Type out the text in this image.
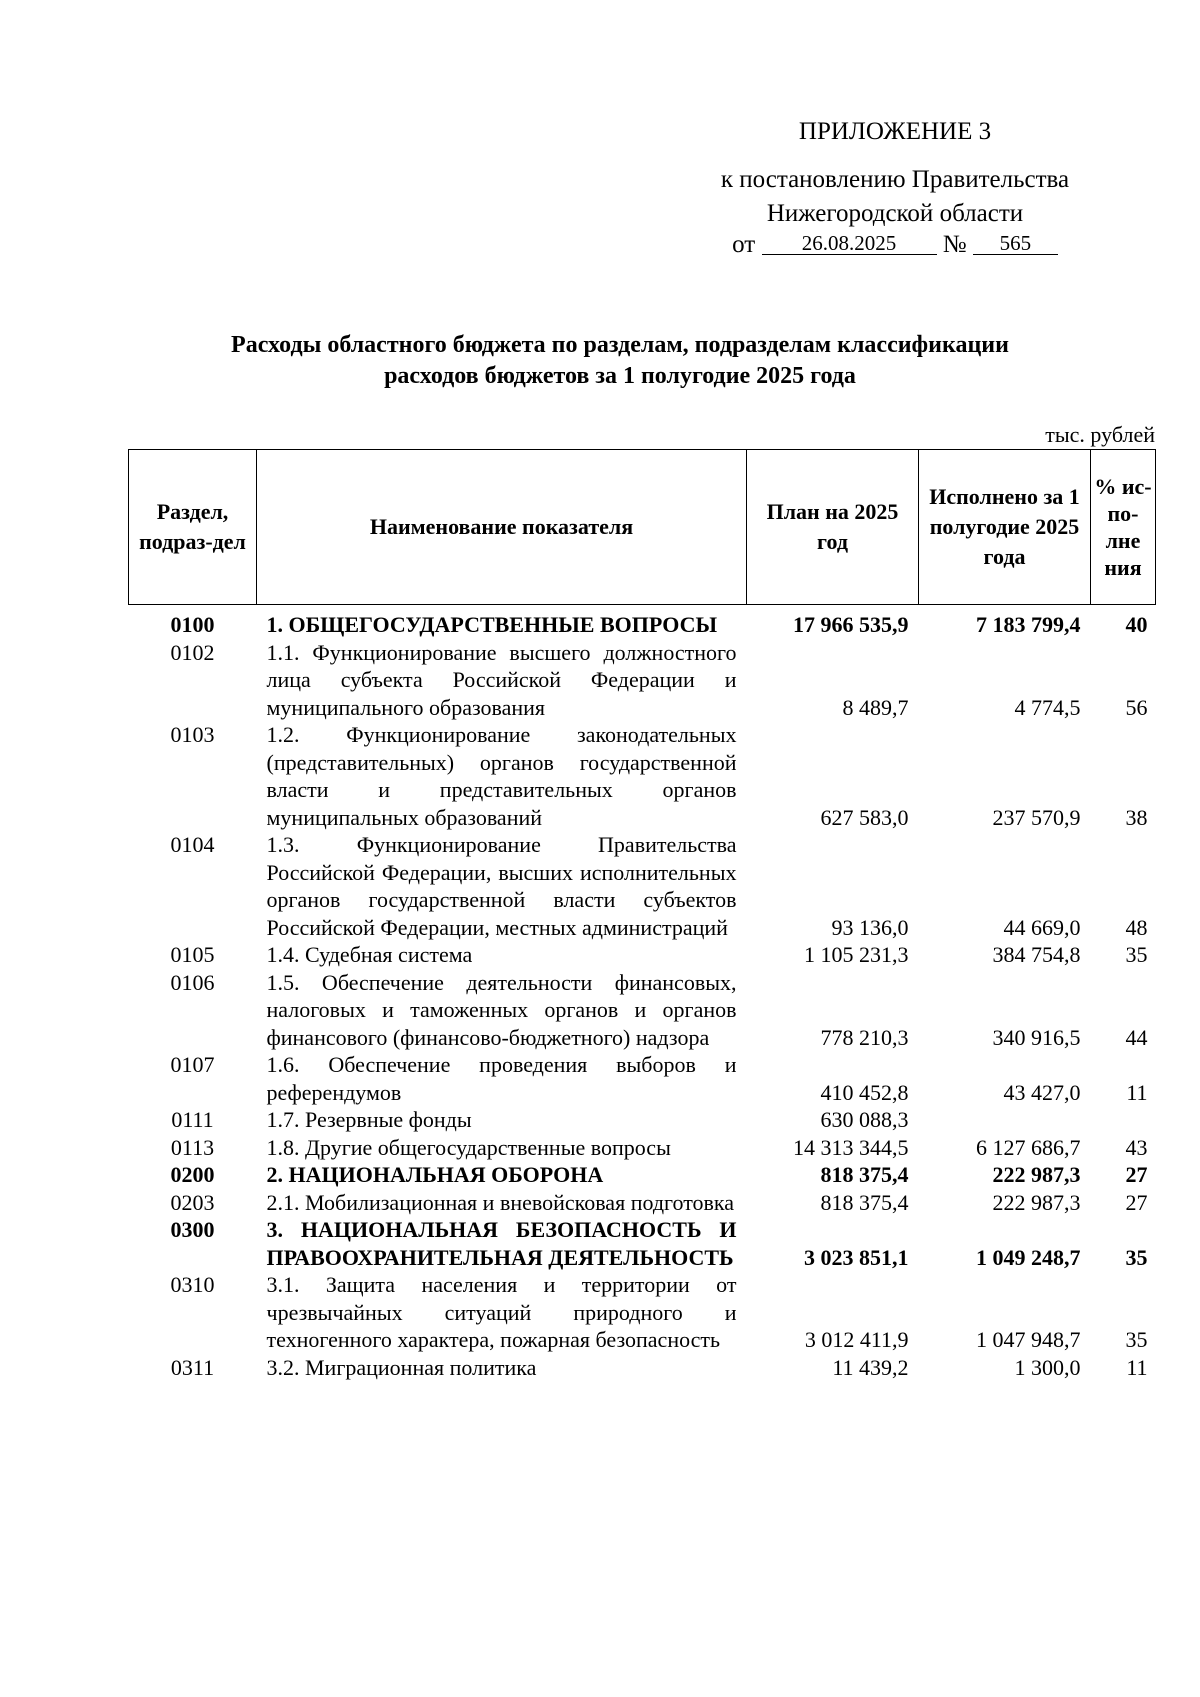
ПРИЛОЖЕНИЕ 3
к постановлению Правительства
Нижегородской области
от 26.08.2025 № 565
Расходы областного бюджета по разделам, подразделам классификации
расходов бюджетов за 1 полугодие 2025 года
тыс. рублей
Раздел, подраз-дел	Наименование показателя	План на 2025 год	Исполнено за 1 полугодие 2025 года	% ис-по-лне ния

0100	1. ОБЩЕГОСУДАРСТВЕННЫЕ ВОПРОСЫ	17 966 535,9	7 183 799,4	40
0102	1.1. Функционирование высшего должностного лица субъекта Российской Федерации и муниципального образования	8 489,7	4 774,5	56
0103	1.2. Функционирование законодательных (представительных) органов государственной власти и представительных органов муниципальных образований	627 583,0	237 570,9	38
0104	1.3. Функционирование Правительства Российской Федерации, высших исполнительных органов государственной власти субъектов Российской Федерации, местных администраций	93 136,0	44 669,0	48
0105	1.4. Судебная система	1 105 231,3	384 754,8	35
0106	1.5. Обеспечение деятельности финансовых, налоговых и таможенных органов и органов финансового (финансово-бюджетного) надзора	778 210,3	340 916,5	44
0107	1.6. Обеспечение проведения выборов и референдумов	410 452,8	43 427,0	11
0111	1.7. Резервные фонды	630 088,3		
0113	1.8. Другие общегосударственные вопросы	14 313 344,5	6 127 686,7	43
0200	2. НАЦИОНАЛЬНАЯ ОБОРОНА	818 375,4	222 987,3	27
0203	2.1. Мобилизационная и вневойсковая подготовка	818 375,4	222 987,3	27
0300	3. НАЦИОНАЛЬНАЯ БЕЗОПАСНОСТЬ И ПРАВООХРАНИТЕЛЬНАЯ ДЕЯТЕЛЬНОСТЬ	3 023 851,1	1 049 248,7	35
0310	3.1. Защита населения и территории от чрезвычайных ситуаций природного и техногенного характера, пожарная безопасность	3 012 411,9	1 047 948,7	35
0311	3.2. Миграционная политика	11 439,2	1 300,0	11
